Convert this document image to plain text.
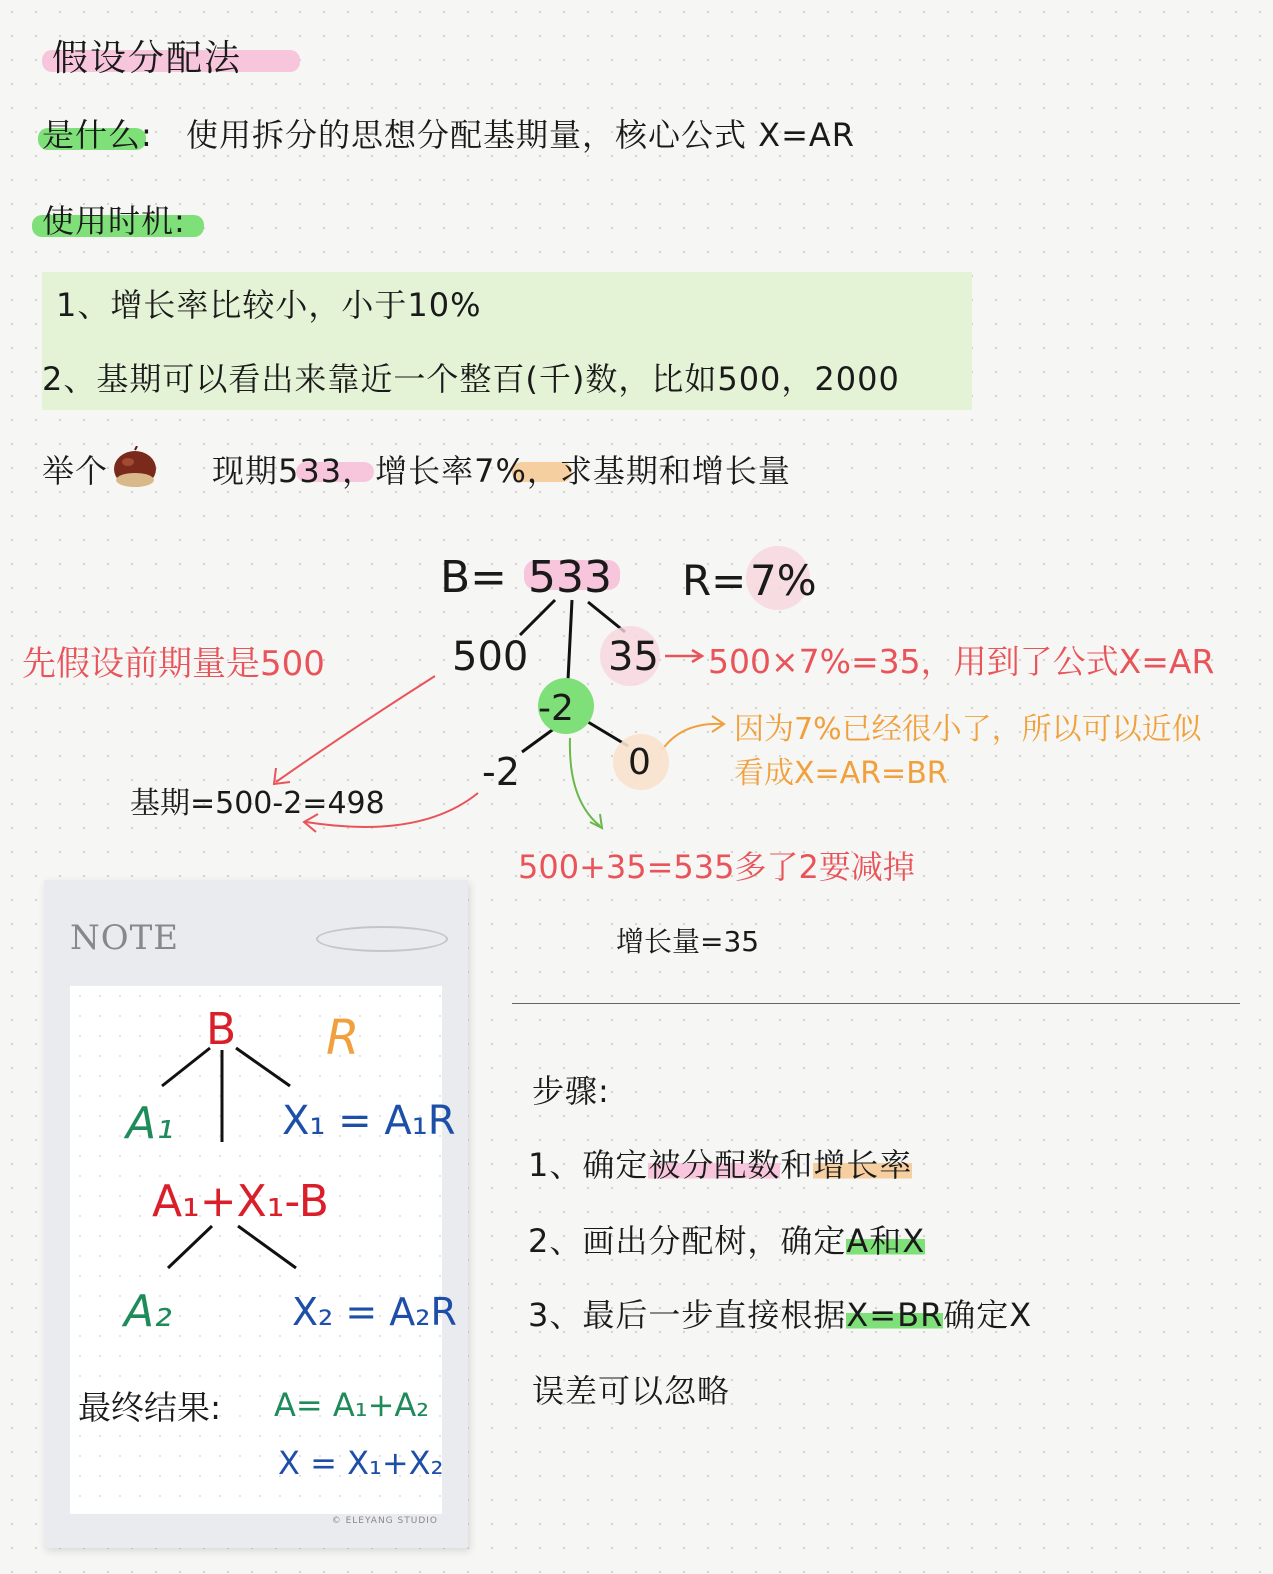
假设分配法
是什么: 使用拆分的思想分配基期量，核心公式 X=AR
使用时机:
1、增长率比较小，小于10%
2、基期可以看出来靠近一个整百(千)数，比如500，2000
举个	现期533，增长率7%，求基期和增长量
B= 533 R= 7%
500 35
-2
-2	0
先假设前期量是500	500×7%=35，用到了公式X=AR
因为7%已经很小了，所以可以近似
看成X=AR=BR
基期=500-2=498
500+35=535多了2要减掉
增长量=35
NOTE
B R
A₁	X₁ = A₁R
A₁+X₁-B
A₂	X₂ = A₂R
最终结果: A= A₁+A₂
X = X₁+X₂
© ELEYANG STUDIO
步骤:
1、确定被分配数和增长率
2、画出分配树，确定A和X
3、最后一步直接根据X=BR确定X
误差可以忽略
